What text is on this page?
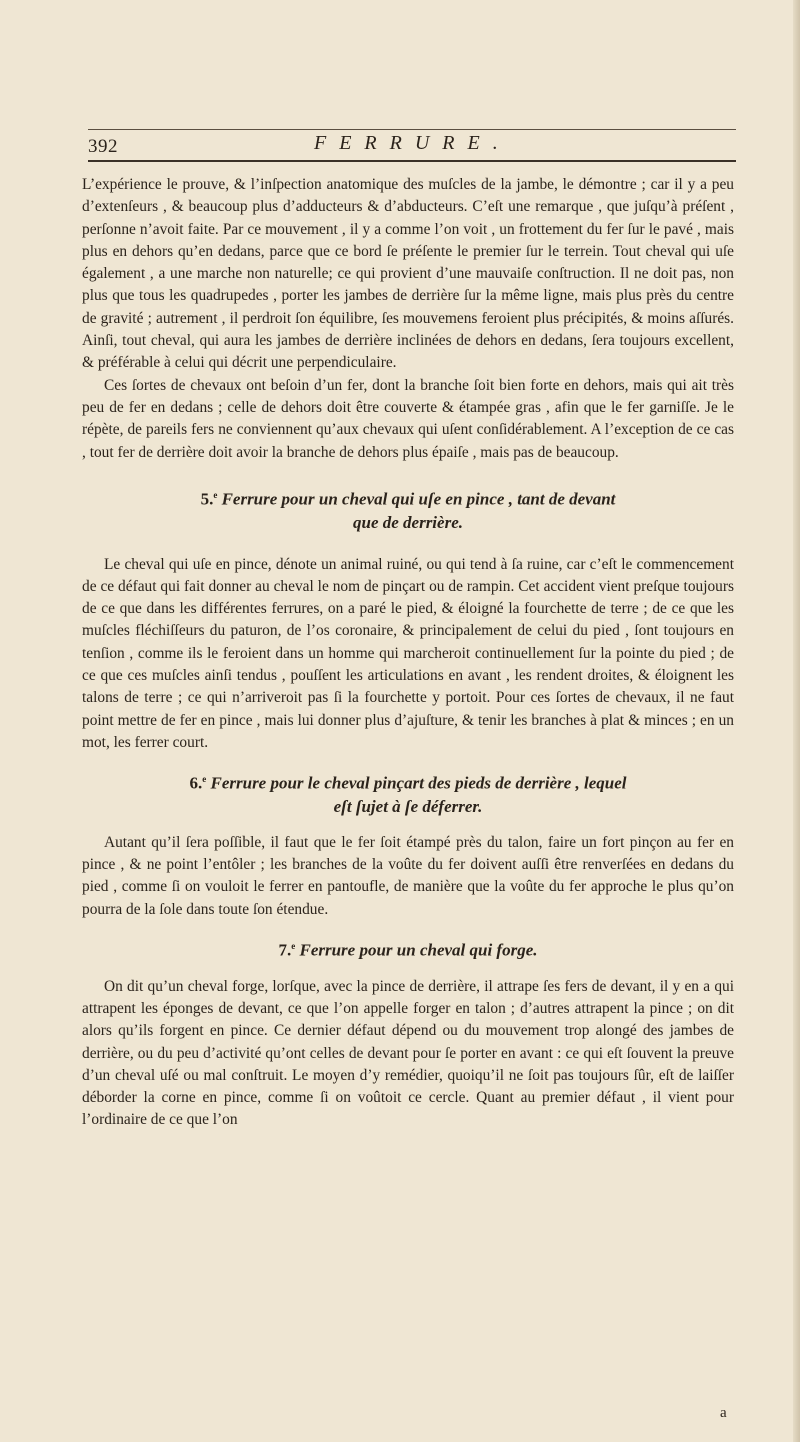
392	FERRURE.

L’expérience le prouve, & l’inſpection anatomique des muſcles de la jambe, le démontre ; car il y a peu d’extenſeurs , & beaucoup plus d’adducteurs & d’abducteurs. C’eſt une remarque , que juſqu’à préſent , perſonne n’avoit faite. Par ce mouvement , il y a comme l’on voit , un frottement du fer ſur le pavé , mais plus en dehors qu’en dedans, parce que ce bord ſe préſente le premier ſur le terrein. Tout cheval qui uſe également , a une marche non naturelle; ce qui provient d’une mauvaiſe conſtruction. Il ne doit pas, non plus que tous les quadrupedes , porter les jambes de derrière ſur la même ligne, mais plus près du centre de gravité ; autrement , il perdroit ſon équilibre, ſes mouvemens feroient plus précipités, & moins aſſurés. Ainſi, tout cheval, qui aura les jambes de derrière inclinées de dehors en dedans, ſera toujours excellent, & préférable à celui qui décrit une perpendiculaire.

Ces ſortes de chevaux ont beſoin d’un fer, dont la branche ſoit bien forte en dehors, mais qui ait très peu de fer en dedans ; celle de dehors doit être couverte & étampée gras , afin que le fer garniſſe. Je le répète, de pareils fers ne conviennent qu’aux chevaux qui uſent conſidérablement. A l’exception de ce cas , tout fer de derrière doit avoir la branche de dehors plus épaiſe , mais pas de beaucoup.

5.$^e$ Ferrure pour un cheval qui uſe en pince , tant de devant
que de derrière.

Le cheval qui uſe en pince, dénote un animal ruiné, ou qui tend à ſa ruine, car c’eſt le commencement de ce défaut qui fait donner au cheval le nom de pinçart ou de rampin. Cet accident vient preſque toujours de ce que dans les différentes ferrures, on a paré le pied, & éloigné la fourchette de terre ; de ce que les muſcles fléchiſſeurs du paturon, de l’os coronaire, & principalement de celui du pied , ſont toujours en tenſion , comme ils le feroient dans un homme qui marcheroit continuellement ſur la pointe du pied ; de ce que ces muſcles ainſi tendus , pouſſent les articulations en avant , les rendent droites, & éloignent les talons de terre ; ce qui n’arriveroit pas ſi la fourchette y portoit. Pour ces ſortes de chevaux, il ne faut point mettre de fer en pince , mais lui donner plus d’ajuſture, & tenir les branches à plat & minces ; en un mot, les ferrer court.

6.$^e$ Ferrure pour le cheval pinçart des pieds de derrière , lequel
eſt ſujet à ſe déferrer.

Autant qu’il ſera poſſible, il faut que le fer ſoit étampé près du talon, faire un fort pinçon au fer en pince , & ne point l’entôler ; les branches de la voûte du fer doivent auſſi être renverſées en dedans du pied , comme ſi on vouloit le ferrer en pantoufle, de manière que la voûte du fer approche le plus qu’on pourra de la ſole dans toute ſon étendue.

7.$^e$ Ferrure pour un cheval qui forge.

On dit qu’un cheval forge, lorſque, avec la pince de derrière, il attrape ſes fers de devant, il y en a qui attrapent les éponges de devant, ce que l’on appelle forger en talon ; d’autres attrapent la pince ; on dit alors qu’ils forgent en pince. Ce dernier défaut dépend ou du mouvement trop alongé des jambes de derrière, ou du peu d’activité qu’ont celles de devant pour ſe porter en avant : ce qui eſt ſouvent la preuve d’un cheval uſé ou mal conſtruit. Le moyen d’y remédier, quoiqu’il ne ſoit pas toujours ſûr, eſt de laiſſer déborder la corne en pince, comme ſi on voûtoit ce cercle. Quant au premier défaut , il vient pour l’ordinaire de ce que l’on

a
